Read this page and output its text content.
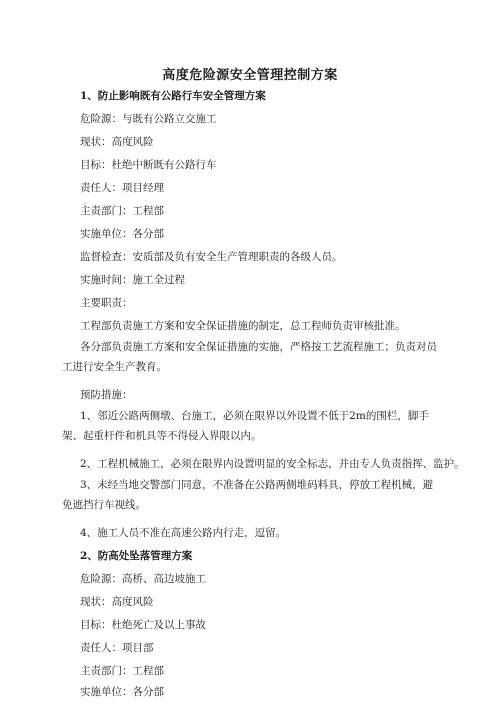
高度危险源安全管理控制方案
1、防止影响既有公路行车安全管理方案
危险源：与既有公路立交施工
现状：高度风险
目标：杜绝中断既有公路行车
责任人：项目经理
主责部门：工程部
实施单位：各分部
监督检查：安质部及负有安全生产管理职责的各级人员。
实施时间：施工全过程
主要职责：
工程部负责施工方案和安全保证措施的制定，总工程师负责审核批准。
各分部负责施工方案和安全保证措施的实施，严格按工艺流程施工；负责对员工进行安全生产教育。
预防措施：
1、邻近公路两侧墩、台施工，必须在限界以外设置不低于2m的围栏，脚手架、起重杆件和机具等不得侵入界限以内。
2、工程机械施工，必须在限界内设置明显的安全标志，并由专人负责指挥、监护。
3、未经当地交警部门同意，不准备在公路两侧堆码料具，停放工程机械，避免遮挡行车视线。
4、施工人员不准在高速公路内行走，逗留。
2、防高处坠落管理方案
危险源：高桥、高边坡施工
现状：高度风险
目标：杜绝死亡及以上事故
责任人：项目部
主责部门：工程部
实施单位：各分部
